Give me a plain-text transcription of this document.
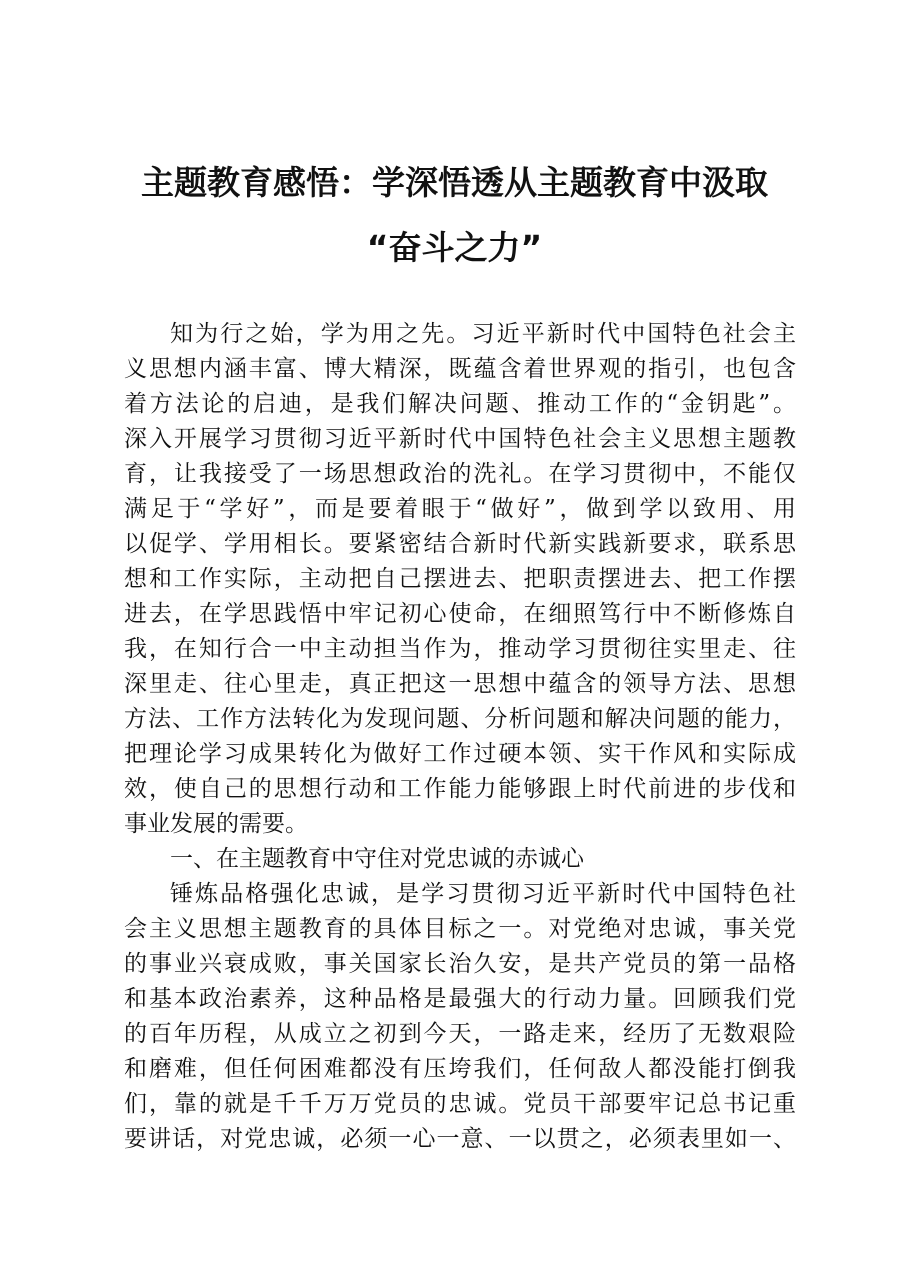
主题教育感悟：学深悟透从主题教育中汲取
“奋斗之力”
知为行之始，学为用之先。习近平新时代中国特色社会主
义思想内涵丰富、博大精深，既蕴含着世界观的指引，也包含
着方法论的启迪，是我们解决问题、推动工作的“金钥匙”。
深入开展学习贯彻习近平新时代中国特色社会主义思想主题教
育，让我接受了一场思想政治的洗礼。在学习贯彻中，不能仅
满足于“学好”，而是要着眼于“做好”，做到学以致用、用
以促学、学用相长。要紧密结合新时代新实践新要求，联系思
想和工作实际，主动把自己摆进去、把职责摆进去、把工作摆
进去，在学思践悟中牢记初心使命，在细照笃行中不断修炼自
我，在知行合一中主动担当作为，推动学习贯彻往实里走、往
深里走、往心里走，真正把这一思想中蕴含的领导方法、思想
方法、工作方法转化为发现问题、分析问题和解决问题的能力，
把理论学习成果转化为做好工作过硬本领、实干作风和实际成
效，使自己的思想行动和工作能力能够跟上时代前进的步伐和
事业发展的需要。
一、在主题教育中守住对党忠诚的赤诚心
锤炼品格强化忠诚，是学习贯彻习近平新时代中国特色社
会主义思想主题教育的具体目标之一。对党绝对忠诚，事关党
的事业兴衰成败，事关国家长治久安，是共产党员的第一品格
和基本政治素养，这种品格是最强大的行动力量。回顾我们党
的百年历程，从成立之初到今天，一路走来，经历了无数艰险
和磨难，但任何困难都没有压垮我们，任何敌人都没能打倒我
们，靠的就是千千万万党员的忠诚。党员干部要牢记总书记重
要讲话，对党忠诚，必须一心一意、一以贯之，必须表里如一、
